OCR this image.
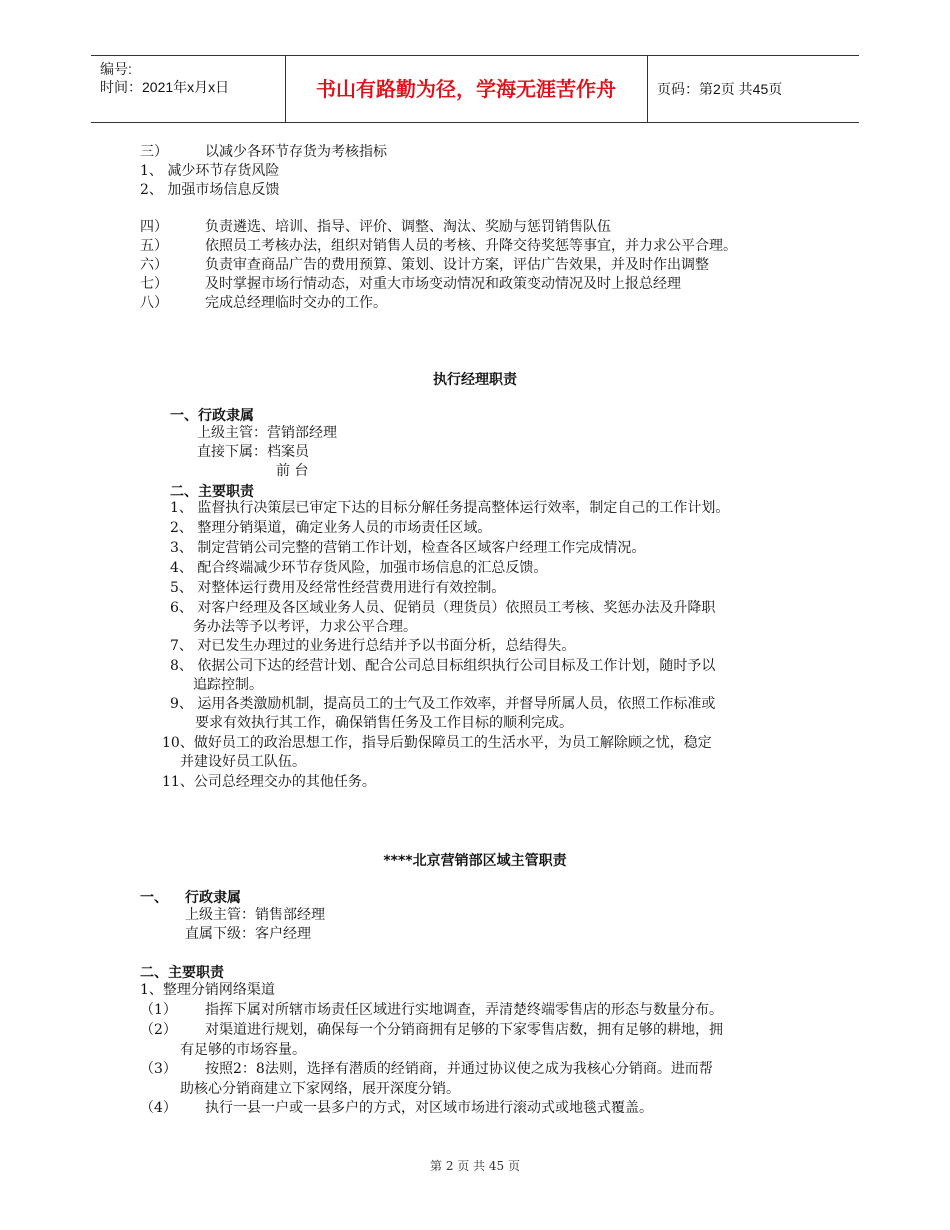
编号:
时间：2021年x月x日	书山有路勤为径，学海无涯苦作舟	页码：第2页 共45页
三）	以减少各环节存货为考核指标
1、 减少环节存货风险
2、 加强市场信息反馈
四）	负责遴选、培训、指导、评价、调整、淘汰、奖励与惩罚销售队伍
五）	依照员工考核办法，组织对销售人员的考核、升降交待奖惩等事宜，并力求公平合理。
六）	负责审查商品广告的费用预算、策划、设计方案，评估广告效果，并及时作出调整
七）	及时掌握市场行情动态，对重大市场变动情况和政策变动情况及时上报总经理
八）	完成总经理临时交办的工作。
执行经理职责
一、行政隶属
上级主管：营销部经理
直接下属：档案员
前 台
二、主要职责
1、 监督执行决策层已审定下达的目标分解任务提高整体运行效率，制定自己的工作计划。
2、 整理分销渠道，确定业务人员的市场责任区域。
3、 制定营销公司完整的营销工作计划，检查各区域客户经理工作完成情况。
4、 配合终端减少环节存货风险，加强市场信息的汇总反馈。
5、 对整体运行费用及经常性经营费用进行有效控制。
6、 对客户经理及各区域业务人员、促销员（理货员）依照员工考核、奖惩办法及升降职
务办法等予以考评，力求公平合理。
7、 对已发生办理过的业务进行总结并予以书面分析，总结得失。
8、 依据公司下达的经营计划、配合公司总目标组织执行公司目标及工作计划，随时予以
追踪控制。
9、 运用各类激励机制，提高员工的士气及工作效率，并督导所属人员，依照工作标准或
要求有效执行其工作，确保销售任务及工作目标的顺利完成。
10、做好员工的政治思想工作，指导后勤保障员工的生活水平，为员工解除顾之忧，稳定
并建设好员工队伍。
11、公司总经理交办的其他任务。
****北京营销部区域主管职责
一、 行政隶属
上级主管：销售部经理
直属下级：客户经理
二、主要职责
1、整理分销网络渠道
（1） 指挥下属对所辖市场责任区域进行实地调查，弄清楚终端零售店的形态与数量分布。
（2） 对渠道进行规划，确保每一个分销商拥有足够的下家零售店数，拥有足够的耕地，拥
有足够的市场容量。
（3） 按照2：8法则，选择有潜质的经销商，并通过协议使之成为我核心分销商。进而帮
助核心分销商建立下家网络，展开深度分销。
（4） 执行一县一户或一县多户的方式，对区域市场进行滚动式或地毯式覆盖。
第 2 页 共 45 页
